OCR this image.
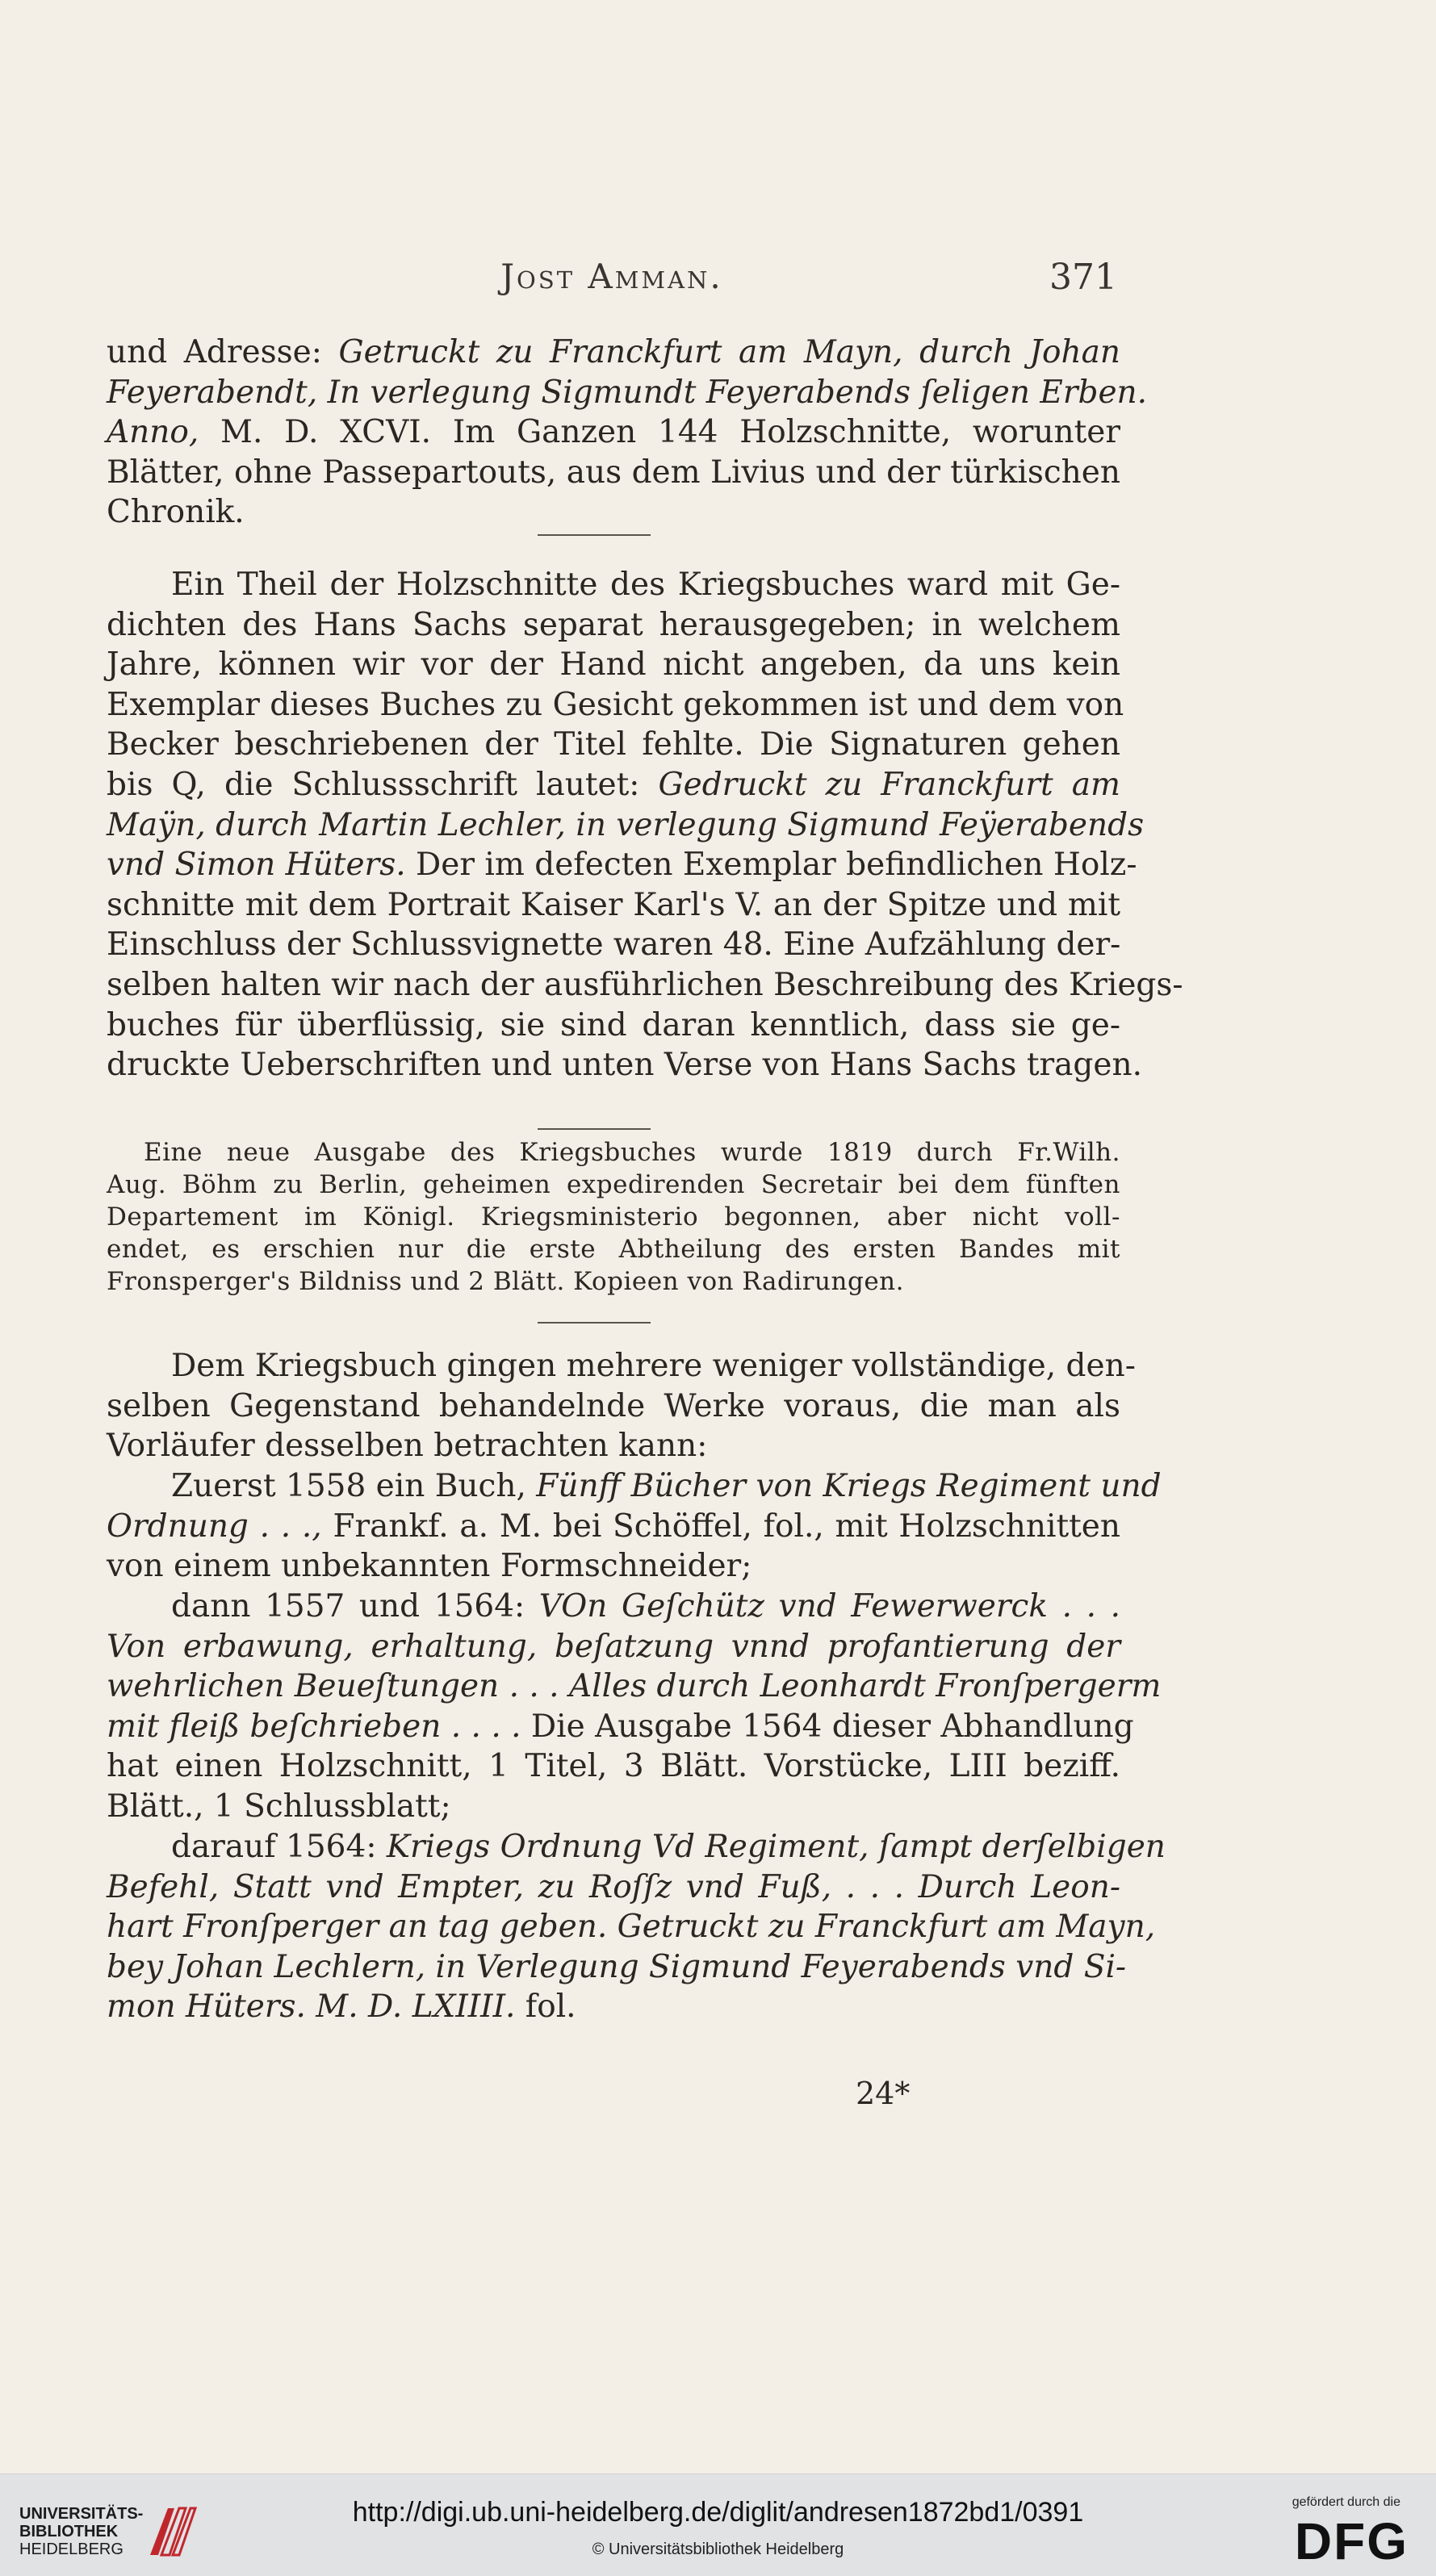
Jost Amman.	371
und Adresse: Getruckt zu Franckfurt am Mayn, durch Johan
Feyerabendt, In verlegung Sigmundt Feyerabends ſeligen Erben.
Anno, M. D. XCVI. Im Ganzen 144 Holzschnitte, worunter
Blätter, ohne Passepartouts, aus dem Livius und der türkischen
Chronik.
Ein Theil der Holzschnitte des Kriegsbuches ward mit Ge-
dichten des Hans Sachs separat herausgegeben; in welchem
Jahre, können wir vor der Hand nicht angeben, da uns kein
Exemplar dieses Buches zu Gesicht gekommen ist und dem von
Becker beschriebenen der Titel fehlte. Die Signaturen gehen
bis Q, die Schlussschrift lautet: Gedruckt zu Franckfurt am
Maÿn, durch Martin Lechler, in verlegung Sigmund Feÿerabends
vnd Simon Hüters. Der im defecten Exemplar befindlichen Holz-
schnitte mit dem Portrait Kaiser Karl's V. an der Spitze und mit
Einschluss der Schlussvignette waren 48. Eine Aufzählung der-
selben halten wir nach der ausführlichen Beschreibung des Kriegs-
buches für überflüssig, sie sind daran kenntlich, dass sie ge-
druckte Ueberschriften und unten Verse von Hans Sachs tragen.
Eine neue Ausgabe des Kriegsbuches wurde 1819 durch Fr.Wilh.
Aug. Böhm zu Berlin, geheimen expedirenden Secretair bei dem fünften
Departement im Königl. Kriegsministerio begonnen, aber nicht voll-
endet, es erschien nur die erste Abtheilung des ersten Bandes mit
Fronsperger's Bildniss und 2 Blätt. Kopieen von Radirungen.
Dem Kriegsbuch gingen mehrere weniger vollständige, den-
selben Gegenstand behandelnde Werke voraus, die man als
Vorläufer desselben betrachten kann:
Zuerst 1558 ein Buch, Fünff Bücher von Kriegs Regiment und
Ordnung . . ., Frankf. a. M. bei Schöffel, fol., mit Holzschnitten
von einem unbekannten Formschneider;
dann 1557 und 1564: VOn Geſchütz vnd Fewerwerck . . .
Von erbawung, erhaltung, beſatzung vnnd profantierung der
wehrlichen Beueſtungen . . . Alles durch Leonhardt Fronſpergerm
mit fleiß beſchrieben . . . . Die Ausgabe 1564 dieser Abhandlung
hat einen Holzschnitt, 1 Titel, 3 Blätt. Vorstücke, LIII beziff.
Blätt., 1 Schlussblatt;
darauf 1564: Kriegs Ordnung Vd Regiment, ſampt derſelbigen
Befehl, Statt vnd Empter, zu Roſſz vnd Fuß, . . . Durch Leon-
hart Fronſperger an tag geben. Getruckt zu Franckfurt am Mayn,
bey Johan Lechlern, in Verlegung Sigmund Feyerabends vnd Si-
mon Hüters. M. D. LXIIII. fol.
24*
UNIVERSITÄTS-
BIBLIOTHEK
HEIDELBERG
http://digi.ub.uni-heidelberg.de/diglit/andresen1872bd1/0391
© Universitätsbibliothek Heidelberg
gefördert durch die
DFG
